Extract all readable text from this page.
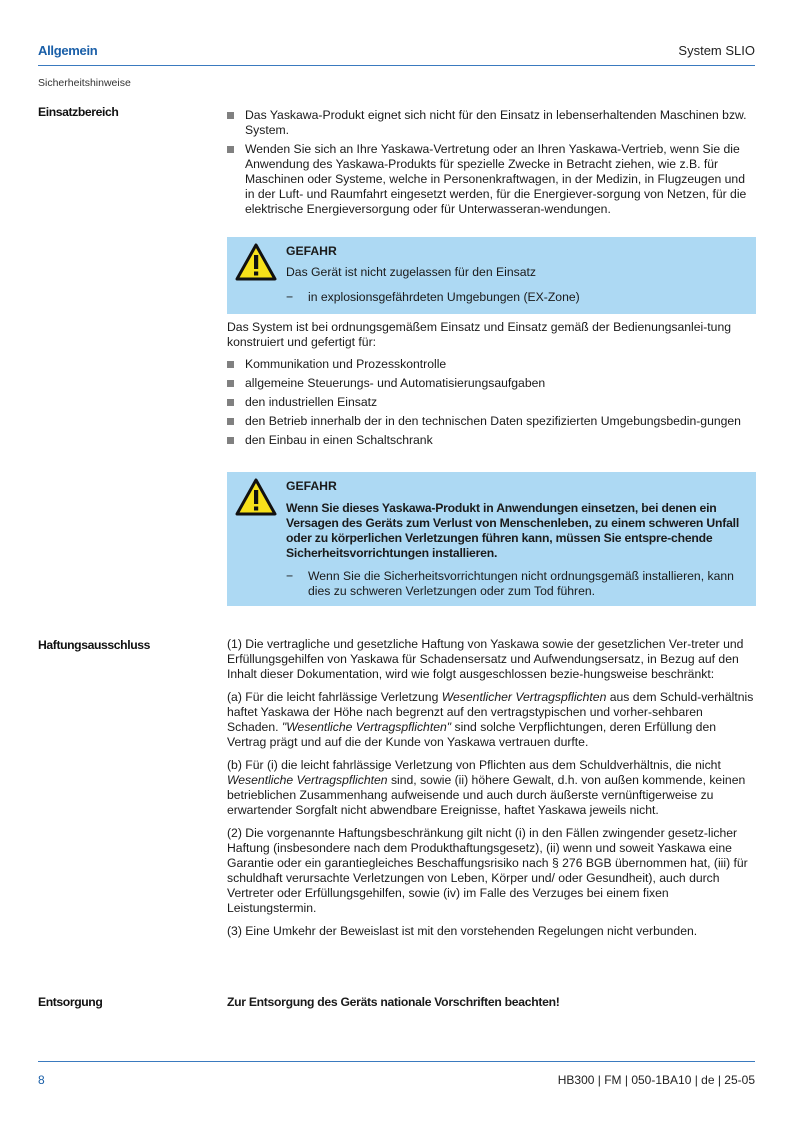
Allgemein	System SLIO
Sicherheitshinweise
Einsatzbereich	Das Yaskawa-Produkt eignet sich nicht für den Einsatz in lebenserhaltenden Maschinen bzw. System.
Wenden Sie sich an Ihre Yaskawa-Vertretung oder an Ihren Yaskawa-Vertrieb, wenn Sie die Anwendung des Yaskawa-Produkts für spezielle Zwecke in Betracht ziehen, wie z.B. für Maschinen oder Systeme, welche in Personenkraftwagen, in der Medizin, in Flugzeugen und in der Luft- und Raumfahrt eingesetzt werden, für die Energiever-sorgung von Netzen, für die elektrische Energieversorgung oder für Unterwasseran-wendungen.
GEFAHR
Das Gerät ist nicht zugelassen für den Einsatz
− in explosionsgefährdeten Umgebungen (EX-Zone)

Das System ist bei ordnungsgemäßem Einsatz und Einsatz gemäß der Bedienungsanlei-tung konstruiert und gefertigt für:

Kommunikation und Prozesskontrolle
allgemeine Steuerungs- und Automatisierungsaufgaben
den industriellen Einsatz
den Betrieb innerhalb der in den technischen Daten spezifizierten Umgebungsbedin-gungen
den Einbau in einen Schaltschrank
GEFAHR
Wenn Sie dieses Yaskawa-Produkt in Anwendungen einsetzen, bei denen ein Versagen des Geräts zum Verlust von Menschenleben, zu einem schweren Unfall oder zu körperlichen Verletzungen führen kann, müssen Sie entspre-chende Sicherheitsvorrichtungen installieren.
− Wenn Sie die Sicherheitsvorrichtungen nicht ordnungsgemäß installieren, kann dies zu schweren Verletzungen oder zum Tod führen.
Haftungsausschluss	(1) Die vertragliche und gesetzliche Haftung von Yaskawa sowie der gesetzlichen Ver-treter und Erfüllungsgehilfen von Yaskawa für Schadensersatz und Aufwendungsersatz, in Bezug auf den Inhalt dieser Dokumentation, wird wie folgt ausgeschlossen bezie-hungsweise beschränkt:

(a) Für die leicht fahrlässige Verletzung Wesentlicher Vertragspflichten aus dem Schuld-verhältnis haftet Yaskawa der Höhe nach begrenzt auf den vertragstypischen und vorher-sehbaren Schaden. "Wesentliche Vertragspflichten" sind solche Verpflichtungen, deren Erfüllung den Vertrag prägt und auf die der Kunde von Yaskawa vertrauen durfte.

(b) Für (i) die leicht fahrlässige Verletzung von Pflichten aus dem Schuldverhältnis, die nicht Wesentliche Vertragspflichten sind, sowie (ii) höhere Gewalt, d.h. von außen kommende, keinen betrieblichen Zusammenhang aufweisende und auch durch äußerste vernünftigerweise zu erwartender Sorgfalt nicht abwendbare Ereignisse, haftet Yaskawa jeweils nicht.

(2) Die vorgenannte Haftungsbeschränkung gilt nicht (i) in den Fällen zwingender gesetz-licher Haftung (insbesondere nach dem Produkthaftungsgesetz), (ii) wenn und soweit Yaskawa eine Garantie oder ein garantiegleiches Beschaffungsrisiko nach § 276 BGB übernommen hat, (iii) für schuldhaft verursachte Verletzungen von Leben, Körper und/ oder Gesundheit), auch durch Vertreter oder Erfüllungsgehilfen, sowie (iv) im Falle des Verzuges bei einem fixen Leistungstermin.

(3) Eine Umkehr der Beweislast ist mit den vorstehenden Regelungen nicht verbunden.

Entsorgung	Zur Entsorgung des Geräts nationale Vorschriften beachten!
8	HB300 | FM | 050-1BA10 | de | 25-05
